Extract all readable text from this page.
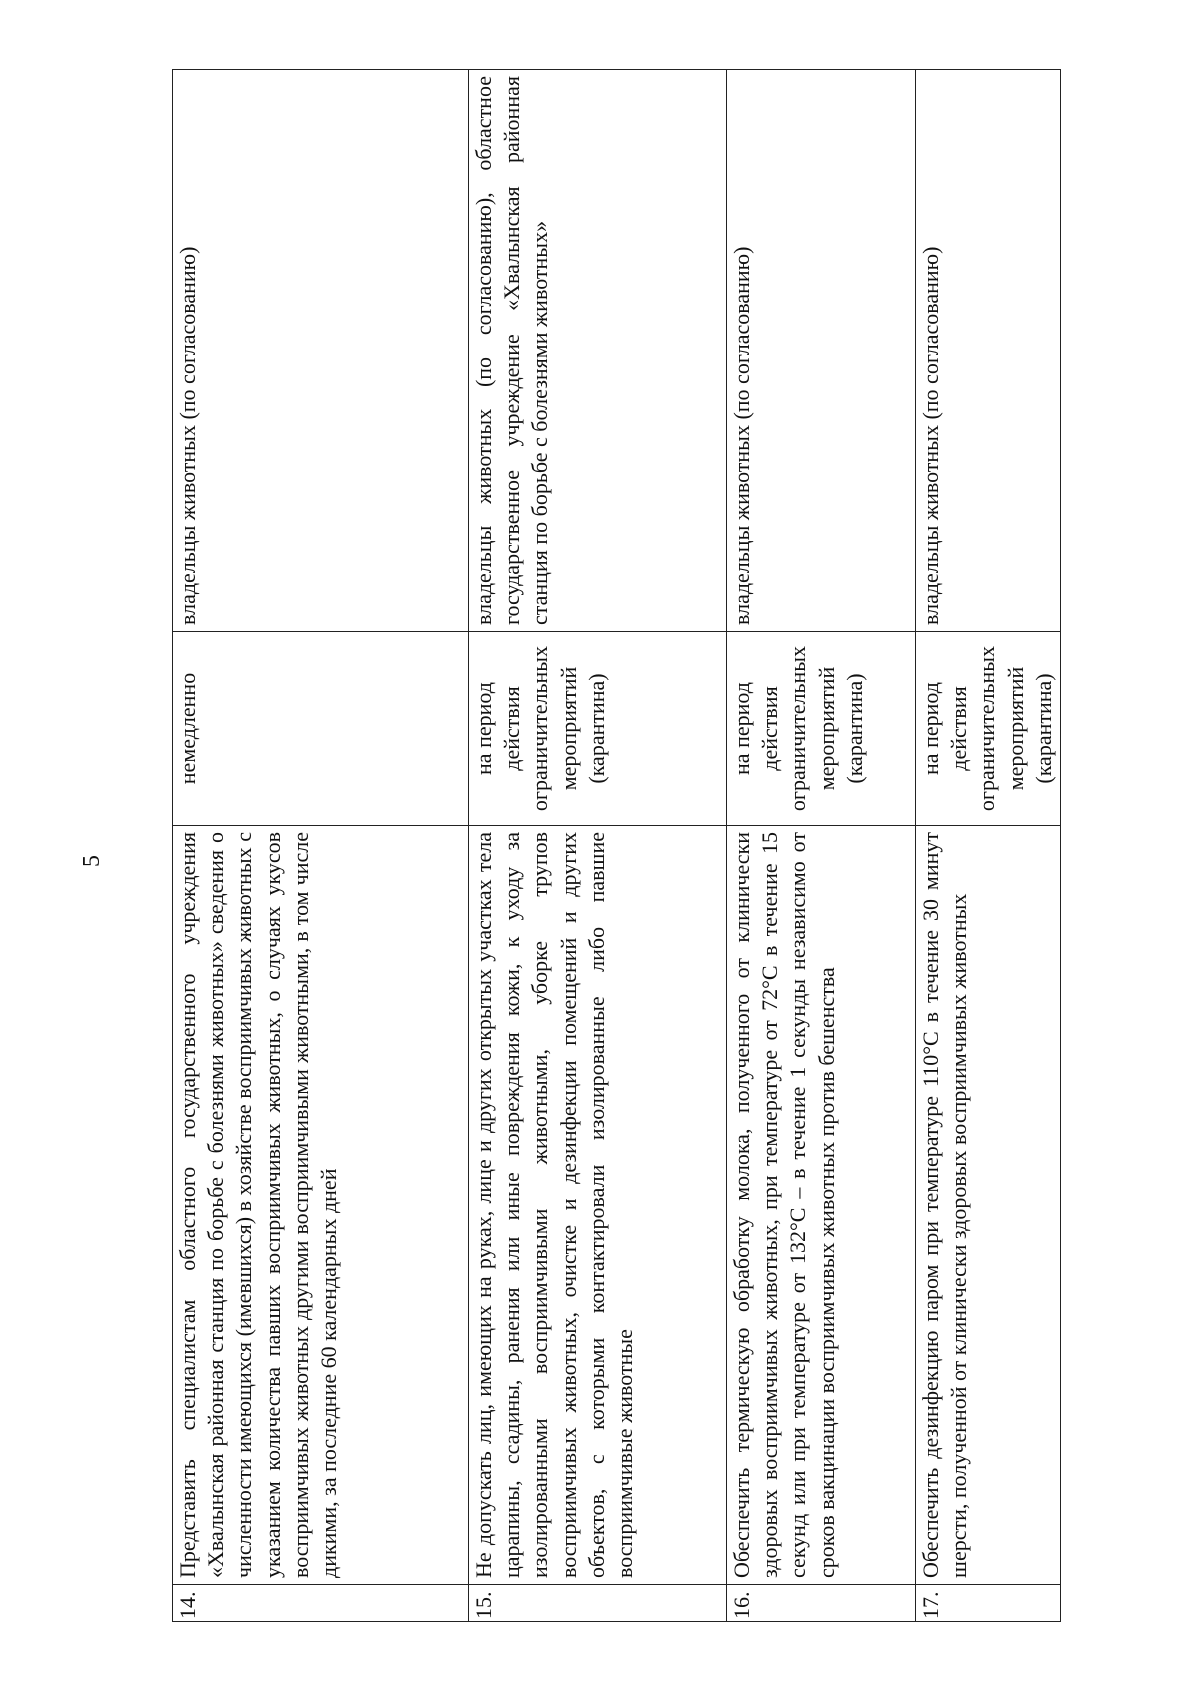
5
14.	Представить специалистам областного государственного учреждения «Хвалынская районная станция по борьбе с болезнями животных» сведения о численности имеющихся (имевшихся) в хозяйстве восприимчивых животных с указанием количества павших восприимчивых животных, о случаях укусов восприимчивых животных другими восприимчивыми животными, в том числе дикими, за последние 60 календарных дней	немедленно	владельцы животных (по согласованию)
15.	Не допускать лиц, имеющих на руках, лице и других открытых участках тела царапины, ссадины, ранения или иные повреждения кожи, к уходу за изолированными восприимчивыми животными, уборке трупов восприимчивых животных, очистке и дезинфекции помещений и других объектов, с которыми контактировали изолированные либо павшие восприимчивые животные	на период действия ограничительных мероприятий (карантина)	владельцы животных (по согласованию), областное государственное учреждение «Хвалынская районная станция по борьбе с болезнями животных»
16.	Обеспечить термическую обработку молока, полученного от клинически здоровых восприимчивых животных, при температуре от 72°С в течение 15 секунд или при температуре от 132°С – в течение 1 секунды независимо от сроков вакцинации восприимчивых животных против бешенства	на период действия ограничительных мероприятий (карантина)	владельцы животных (по согласованию)
17.	Обеспечить дезинфекцию паром при температуре 110°С в течение 30 минут шерсти, полученной от клинически здоровых восприимчивых животных	на период действия ограничительных мероприятий (карантина)	владельцы животных (по согласованию)
